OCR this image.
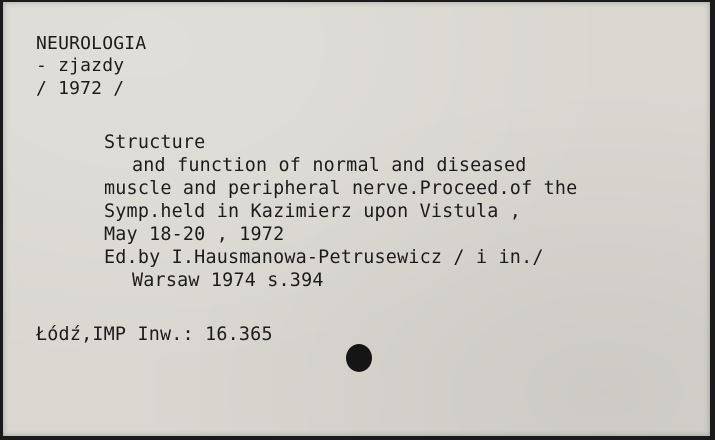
NEUROLOGIA

- zjazdy

/ 1972 /

Structure

and function of normal and diseased

muscle and peripheral nerve.Proceed.of the

Symp.held in Kazimierz upon Vistula ,

May 18-20 , 1972

Ed.by I.Hausmanowa-Petrusewicz / i in./

Warsaw 1974 s.394

Łódź,IMP Inw.: 16.365
